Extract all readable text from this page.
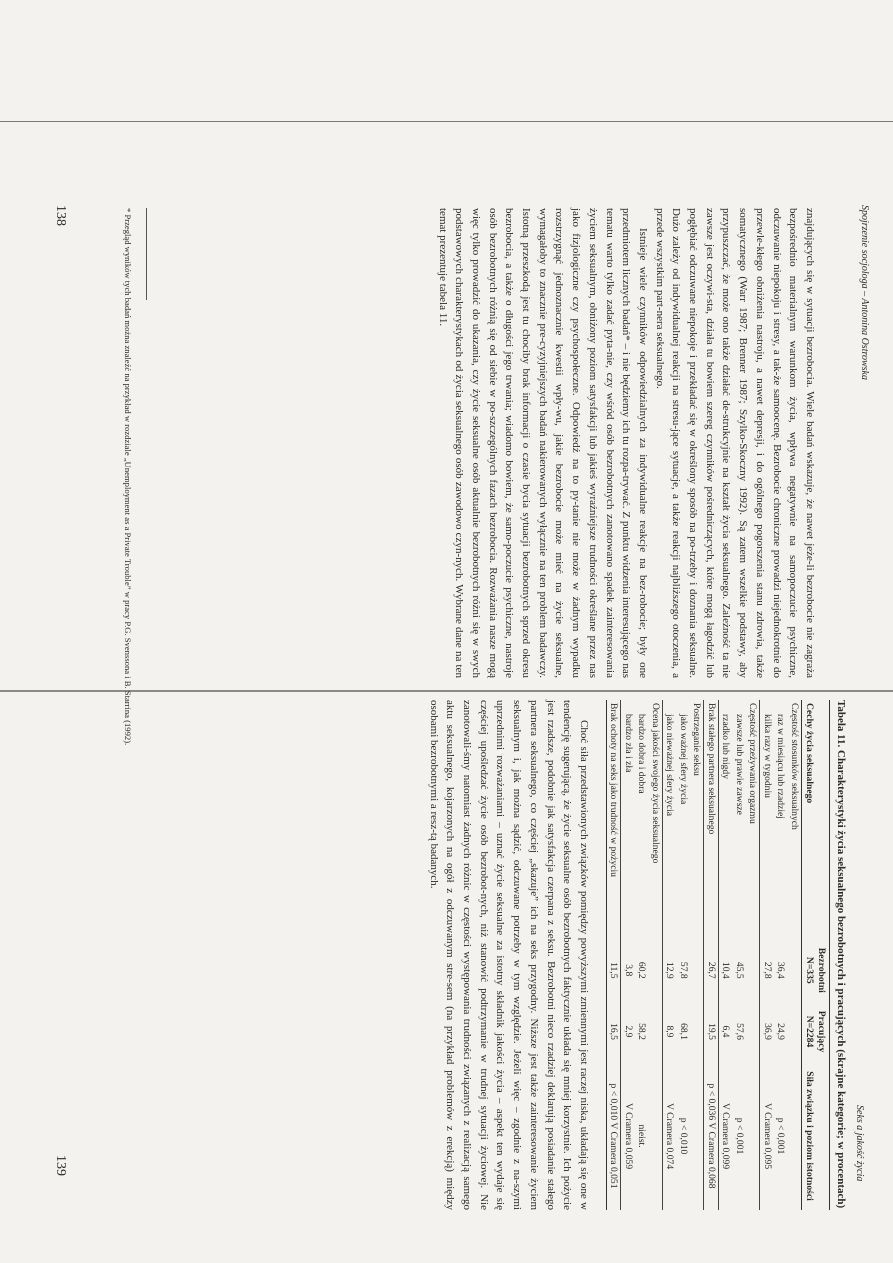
Spojrzenie socjologa – Antonina Ostrowska

znajdujących się w sytuacji bezrobocia. Wiele badań wskazuje, że nawet jeże-li bezrobocie nie zagraża bezpośrednio materialnym warunkom życia, wpływa negatywnie na samopoczucie psychiczne, odczuwanie niepokoju i stresy, a tak-że samoocenę. Bezrobocie chroniczne prowadzi niejednokrotnie do przewle-kłego obniżenia nastroju, a nawet depresji, i do ogólnego pogorszenia stanu zdrowia, także somatycznego (Warr 1987; Brenner 1987; Szylko-Skoczny 1992). Są zatem wszelkie podstawy, aby przypuszczać, że może ono także działać de-strukcyjnie na kształt życia seksualnego. Zależność ta nie zawsze jest oczywi-sta, działa tu bowiem szereg czynników pośredniczących, które mogą łagodzić lub pogłębiać odczuwane niepokoje i przekładać się w określony sposób na po-trzeby i doznania seksualne. Dużo zależy od indywidualnej reakcji na stresu-jące sytuacje, a także reakcji najbliższego otoczenia, a przede wszystkim part-nera seksualnego.

Istnieje wiele czynników odpowiedzialnych za indywidualne reakcje na bez-robocie; były one przedmiotem licznych badań* – i nie będziemy ich tu rozpa-trywać. Z punktu widzenia interesującego nas tematu warto tylko zadać pyta-nie, czy wśród osób bezrobotnych zanotowano spadek zainteresowania życiem seksualnym, obniżony poziom satysfakcji lub jakieś wyraźniejsze trudności określane przez nas jako fizjologiczne czy psychospołeczne. Odpowiedź na to py-tanie nie może w żadnym wypadku rozstrzygnąć jednoznacznie kwestii wpły-wu, jakie bezrobocie może mieć na życie seksualne, wymagałoby to znacznie pre-cyzyjniejszych badań nakierowanych wyłącznie na ten problem badawczy. Istotną przeszkodą jest tu chociby brak informacji o czasie bycia sytuacji bezrobotnych sprzed okresu bezrobocia, a także o długości jego trwania; wiadomo bowiem, że samo-poczucie psychiczne, nastroje osób bezrobotnych różnią się od siebie w po-szczególnych fazach bezrobocia. Rozważania nasze mogą więc tylko prowadzić do ukazania, czy życie seksualne osób aktualnie bezrobotnych różni się w swych podstawowych charakterystykach od życia seksualnego osób zawodowo czyn-nych. Wybrane dane na ten temat prezentuje tabela 11.

* Przegląd wyników tych badań można znaleźć na przykład w rozdziale „Unemployment as a Private Trouble” w pracy P.G. Svenssona i B. Starrina (1992).
138
Seks a jakość życia
Tabela 11. Charakterystyki życia seksualnego bezrobotnych i pracujących (skrajne kategorie; w procentach)
Cechy życia seksualnego	Bezrobotni N=335	Pracujący N=2284	Siła związku i poziom istotności
Częstość stosunków seksualnych			
raz w miesiącu lub rzadziej	36,4	24,9	p < 0,001
kilka razy w tygodniu	27,8	36,9	V Cramera 0,095
Częstość przeżywania orgazmu			
zawsze lub prawie zawsze	45,5	57,6	p < 0,001
rzadko lub nigdy	10,4	6,4	V Cramera 0,099
Brak stałego partnera seksualnego	26,7	19,5	p < 0,036 V Cramera 0,068
Postrzeganie seksu			
jako ważnej sfery życia	57,8	68,1	p < 0,010
jako nieważnej sfery życia	12,9	8,9	V Cramera 0,074
Ocena jakości swojego życia seksualnego			
bardzo dobra i dobra	60,2	58,2	nieist.
bardzo zła i zła	3,8	2,9	V Cramera 0,059
Brak ochoty na seks jako trudność w pożyciu	11,5	16,5	p < 0,010 V Cramera 0,051

Choć siła przedstawionych związków pomiędzy powyższymi zmiennymi jest raczej niska, układają się one w tendencję sugerującą, że życie seksualne osób bezrobotnych faktycznie układa się mniej korzystnie. Ich pożycie jest rzadsze, podobnie jak satysfakcja czerpana z seksu. Bezrobotni nieco rzadziej deklarują posiadanie stałego partnera seksualnego, co częściej „skazuje” ich na seks przygodny. Niższe jest także zainteresowanie życiem seksualnym i, jak można sądzić, odczuwane potrzeby w tym względzie. Jeżeli więc – zgodnie z na-szymi uprzednimi rozważaniami – uznać życie seksualne za istotny składnik jakości życia – aspekt ten wydaje się częściej upośledzać życie osób bezrobot-nych, niż stanowić podtrzymanie w trudnej sytuacji życiowej. Nie zanotowali-śmy natomiast żadnych różnic w częstości występowania trudności związanych z realizacją samego aktu seksualnego, kojarzonych na ogół z odczuwanym stre-sem (na przykład problemów z erekcją) między osobami bezrobotnymi a resz-tą badanych.

139
